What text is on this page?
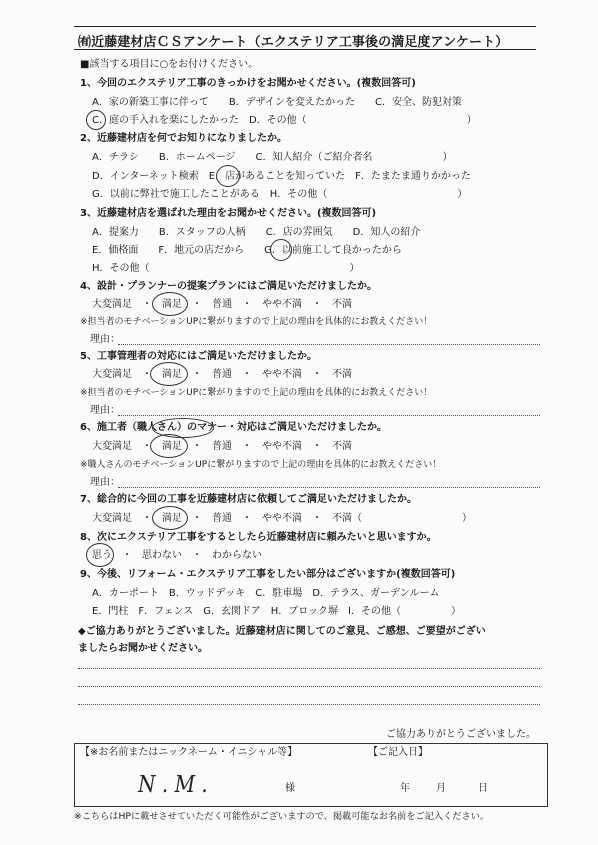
㈲近藤建材店ＣＳアンケート（エクステリア工事後の満足度アンケート）
■該当する項目に○をお付けください。
1、今回のエクステリア工事のきっかけをお聞かせください。(複数回答可)
A．家の新築工事に伴って　　B．デザインを変えたかった　　C．安全、防犯対策
C．庭の手入れを楽にしたかった　D．その他（　　　　　　　　　　　　　　　　）
2、近藤建材店を何でお知りになりましたか。
A．チラシ　　B．ホームページ　　C．知人紹介（ご紹介者名　　　　　　　）
D．インターネット検索　E．店があることを知っていた　F．たまたま通りかかった
G．以前に弊社で施工したことがある　H．その他（　　　　　　　　　　　　　）
3、近藤建材店を選ばれた理由をお聞かせください。(複数回答可)
A．提案力　　B．スタッフの人柄　　C．店の雰囲気　　D．知人の紹介
E．価格面　　F．地元の店だから　　G．以前施工して良かったから
H．その他（　　　　　　　　　　　　　　　　　　　　）
4、設計・プランナーの提案プランにはご満足いただけましたか。
大変満足　・　満足　・　普通　・　やや不満　・　不満
※担当者のモチベーションUPに繋がりますので上記の理由を具体的にお教えください！
理由：
5、工事管理者の対応にはご満足いただけましたか。
大変満足　・　満足　・　普通　・　やや不満　・　不満
※担当者のモチベーションUPに繋がりますので上記の理由を具体的にお教えください！
理由：
6、施工者（職人さん）のマナー・対応はご満足いただけましたか。
大変満足　・　満足　・　普通　・　やや不満　・　不満
※職人さんのモチベーションUPに繋がりますので上記の理由を具体的にお教えください！
理由：
7、総合的に今回の工事を近藤建材店に依頼してご満足いただけましたか。
大変満足　・　満足　・　普通　・　やや不満　・　不満（　　　　　　　　　　）
8、次にエクステリア工事をするとしたら近藤建材店に頼みたいと思いますか。
思う　・　思わない　・　わからない
9、今後、リフォーム・エクステリア工事をしたい部分はございますか(複数回答可)
A．カーポート　B．ウッドデッキ　C．駐車場　D．テラス、ガーデンルーム
E．門柱　F．フェンス　G．玄関ドア　H．ブロック塀　I．その他（　　　　　）
◆ご協力ありがとうございました。近藤建材店に関してのご意見、ご感想、ご要望がござい
ましたらお聞かせください。
ご協力ありがとうございました。
【※お名前またはニックネーム・イニシャル等】	【ご記入日】
N . M .	様	年	月	日
※こちらはHPに載せさせていただく可能性がございますので、掲載可能なお名前をご記入ください。
